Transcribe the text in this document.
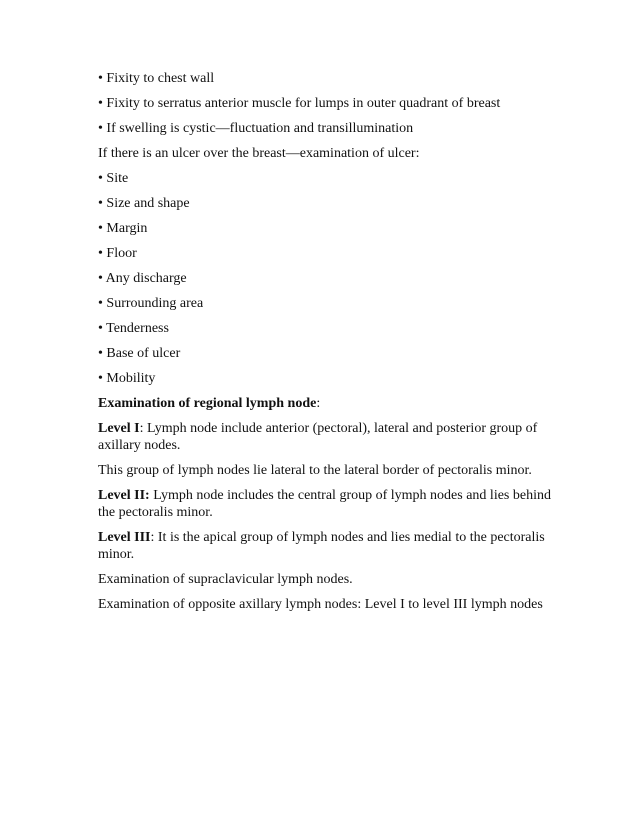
• Fixity to chest wall
• Fixity to serratus anterior muscle for lumps in outer quadrant of breast
• If swelling is cystic—fluctuation and transillumination
If there is an ulcer over the breast—examination of ulcer:
• Site
• Size and shape
• Margin
• Floor
• Any discharge
• Surrounding area
• Tenderness
• Base of ulcer
• Mobility
Examination of regional lymph node:
Level I: Lymph node include anterior (pectoral), lateral and posterior group of axillary nodes.
This group of lymph nodes lie lateral to the lateral border of pectoralis minor.
Level II: Lymph node includes the central group of lymph nodes and lies behind the pectoralis minor.
Level III: It is the apical group of lymph nodes and lies medial to the pectoralis minor.
Examination of supraclavicular lymph nodes.
Examination of opposite axillary lymph nodes: Level I to level III lymph nodes
